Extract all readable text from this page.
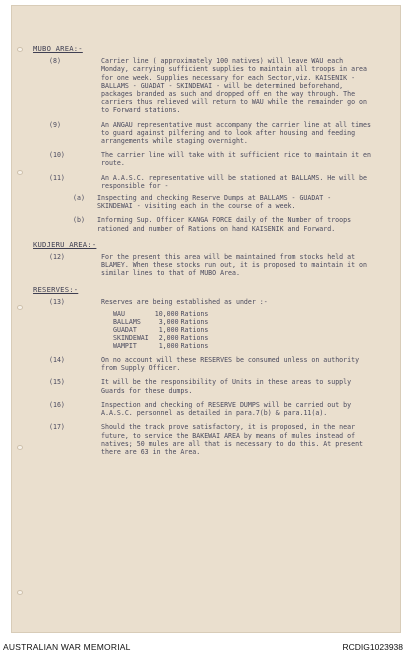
MUBO AREA:-
(8)	Carrier line ( approximately 100 natives) will leave WAU each Monday, carrying sufficient supplies to maintain all troops in area for one week. Supplies necessary for each Sector,viz. KAISENIK - BALLAMS - GUADAT - SKINDEWAI - will be determined beforehand, packages branded as such and dropped off en the way through. The carriers thus relieved will return to WAU while the remainder go on to Forward stations.
(9)	An ANGAU representative must accompany the carrier line at all times to guard against pilfering and to look after housing and feeding arrangements while staging overnight.
(10)	The carrier line will take with it sufficient rice to maintain it en route.
(11)	An A.A.S.C. representative will be stationed at BALLAMS. He will be responsible for -
(a)	Inspecting and checking Reserve Dumps at BALLAMS - GUADAT - SKINDEWAI - visiting each in the course of a week.
(b)	Informing Sup. Officer KANGA FORCE daily of the Number of troops rationed and number of Rations on hand KAISENIK and Forward.
KUDJERU AREA:-
(12)	For the present this area will be maintained from stocks held at BLAMEY. When these stocks run out, it is proposed to maintain it on similar lines to that of MUBO Area.
RESERVES:-
(13)	Reserves are being established as under :-
WAU	10,000	Rations
BALLAMS	3,000	Rations
GUADAT	1,000	Rations
SKINDEWAI	2,000	Rations
WAMPIT	1,000	Rations
(14)	On no account will these RESERVES be consumed unless on authority from Supply Officer.
(15)	It will be the responsibility of Units in these areas to supply Guards for these dumps.
(16)	Inspection and checking of RESERVE DUMPS will be carried out by A.A.S.C. personnel as detailed in para.7(b) & para.11(a).
(17)	Should the track prove satisfactory, it is proposed, in the near future, to service the BAKEWAI AREA by means of mules instead of natives; 50 mules are all that is necessary to do this. At present there are 63 in the Area.
AUSTRALIAN WAR MEMORIAL	RCDIG1023938
